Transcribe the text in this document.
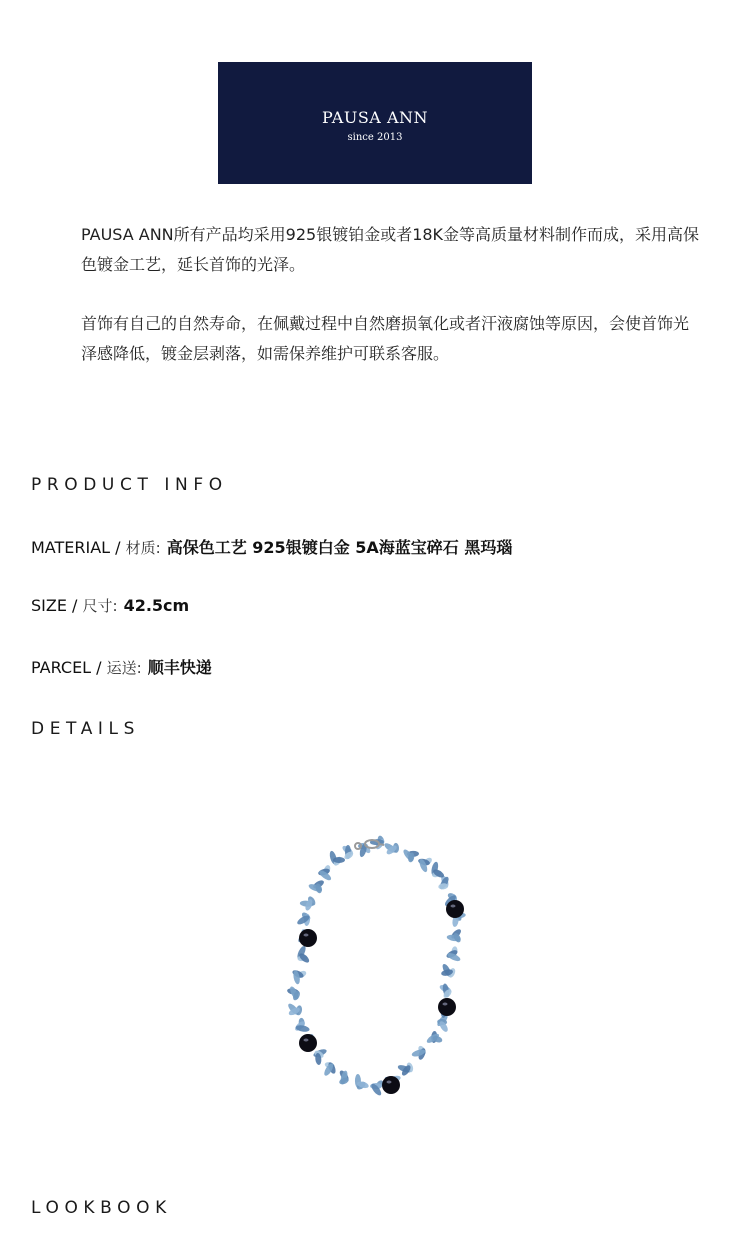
PAUSA ANN
since 2013

PAUSA ANN所有产品均采用925银镀铂金或者18K金等高质量材料制作而成，采用高保色镀金工艺，延长首饰的光泽。

首饰有自己的自然寿命，在佩戴过程中自然磨损氧化或者汗液腐蚀等原因，会使首饰光泽感降低，镀金层剥落，如需保养维护可联系客服。

PRODUCT INFO
MATERIAL / 材质: 高保色工艺 925银镀白金 5A海蓝宝碎石 黑玛瑙
SIZE / 尺寸: 42.5cm
PARCEL / 运送: 顺丰快递
DETAILS
LOOKBOOK
